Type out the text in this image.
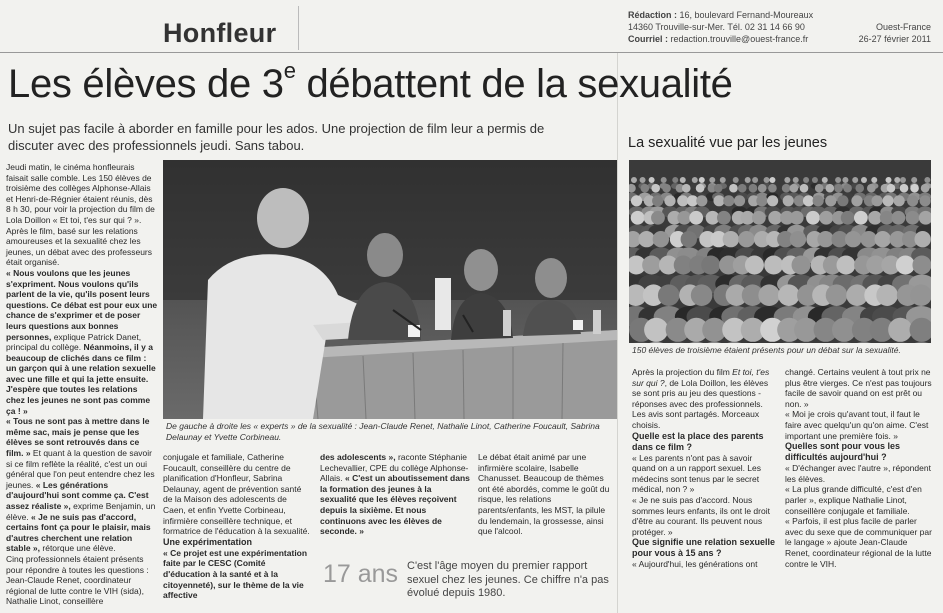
Honfleur
Rédaction : 16, boulevard Fernand-Moureaux
14360 Trouville-sur-Mer. Tél. 02 31 14 66 90
Courriel : redaction.trouville@ouest-france.fr
Ouest-France
26-27 février 2011
Les élèves de 3e débattent de la sexualité
Un sujet pas facile à aborder en famille pour les ados. Une projection de film leur a permis de discuter avec des professionnels jeudi. Sans tabou.	La sexualité vue par les jeunes
De gauche à droite les « experts » de la sexualité : Jean-Claude Renet, Nathalie Linot, Catherine Foucault, Sabrina Delaunay et Yvette Corbineau.
150 élèves de troisième étaient présents pour un débat sur la sexualité.

Jeudi matin, le cinéma honfleurais faisait salle comble. Les 150 élèves de troisième des collèges Alphonse-Allais et Henri-de-Régnier étaient réunis, dès 8 h 30, pour voir la projection du film de Lola Doillon « Et toi, t'es sur qui ? ». Après le film, basé sur les relations amoureuses et la sexualité chez les jeunes, un débat avec des professeurs était organisé.

« Nous voulons que les jeunes s'expriment. Nous voulons qu'ils parlent de la vie, qu'ils posent leurs questions. Ce débat est pour eux une chance de s'exprimer et de poser leurs questions aux bonnes personnes, explique Patrick Danet, principal du collège. Néanmoins, il y a beaucoup de clichés dans ce film : un garçon qui à une relation sexuelle avec une fille et qui la jette ensuite. J'espère que toutes les relations chez les jeunes ne sont pas comme ça ! »

« Tous ne sont pas à mettre dans le même sac, mais je pense que les élèves se sont retrouvés dans ce film. » Et quant à la question de savoir si ce film reflète la réalité, c'est un oui général que l'on peut entendre chez les jeunes. « Les générations d'aujourd'hui sont comme ça. C'est assez réaliste », exprime Benjamin, un élève. « Je ne suis pas d'accord, certains font ça pour le plaisir, mais d'autres cherchent une relation stable », rétorque une élève.

Cinq professionnels étaient présents pour répondre à toutes les questions : Jean-Claude Renet, coordinateur régional de lutte contre le VIH (sida), Nathalie Linot, conseillère

conjugale et familiale, Catherine Foucault, conseillère du centre de planification d'Honfleur, Sabrina Delaunay, agent de prévention santé de la Maison des adolescents de Caen, et enfin Yvette Corbineau, infirmière conseillère technique, et formatrice de l'éducation à la sexualité.

Une expérimentation

« Ce projet est une expérimentation faite par le CESC (Comité d'éducation à la santé et à la citoyenneté), sur le thème de la vie affective

des adolescents », raconte Stéphanie Lechevallier, CPE du collège Alphonse-Allais. « C'est un aboutissement dans la formation des jeunes à la sexualité que les élèves reçoivent depuis la sixième. Et nous continuons avec les élèves de seconde. »

Le débat était animé par une infirmière scolaire, Isabelle Chanusset. Beaucoup de thèmes ont été abordés, comme le goût du risque, les relations parents/enfants, les MST, la pilule du lendemain, la grossesse, ainsi que l'alcool.

17 ans C'est l'âge moyen du premier rapport sexuel chez les jeunes. Ce chiffre n'a pas évolué depuis 1980.

Après la projection du film Et toi, t'es sur qui ?, de Lola Doillon, les élèves se sont pris au jeu des questions - réponses avec des professionnels. Les avis sont partagés. Morceaux choisis.

Quelle est la place des parents dans ce film ?

« Les parents n'ont pas à savoir quand on a un rapport sexuel. Les médecins sont tenus par le secret médical, non ? »

« Je ne suis pas d'accord. Nous sommes leurs enfants, ils ont le droit d'être au courant. Ils peuvent nous protéger. »

Que signifie une relation sexuelle pour vous à 15 ans ?

« Aujourd'hui, les générations ont

changé. Certains veulent à tout prix ne plus être vierges. Ce n'est pas toujours facile de savoir quand on est prêt ou non. »

« Moi je crois qu'avant tout, il faut le faire avec quelqu'un qu'on aime. C'est important une première fois. »

Quelles sont pour vous les difficultés aujourd'hui ?

« D'échanger avec l'autre », répondent les élèves.

« La plus grande difficulté, c'est d'en parler », explique Nathalie Linot, conseillère conjugale et familiale.

« Parfois, il est plus facile de parler avec du sexe que de communiquer par le langage » ajoute Jean-Claude Renet, coordinateur régional de la lutte contre le VIH.
